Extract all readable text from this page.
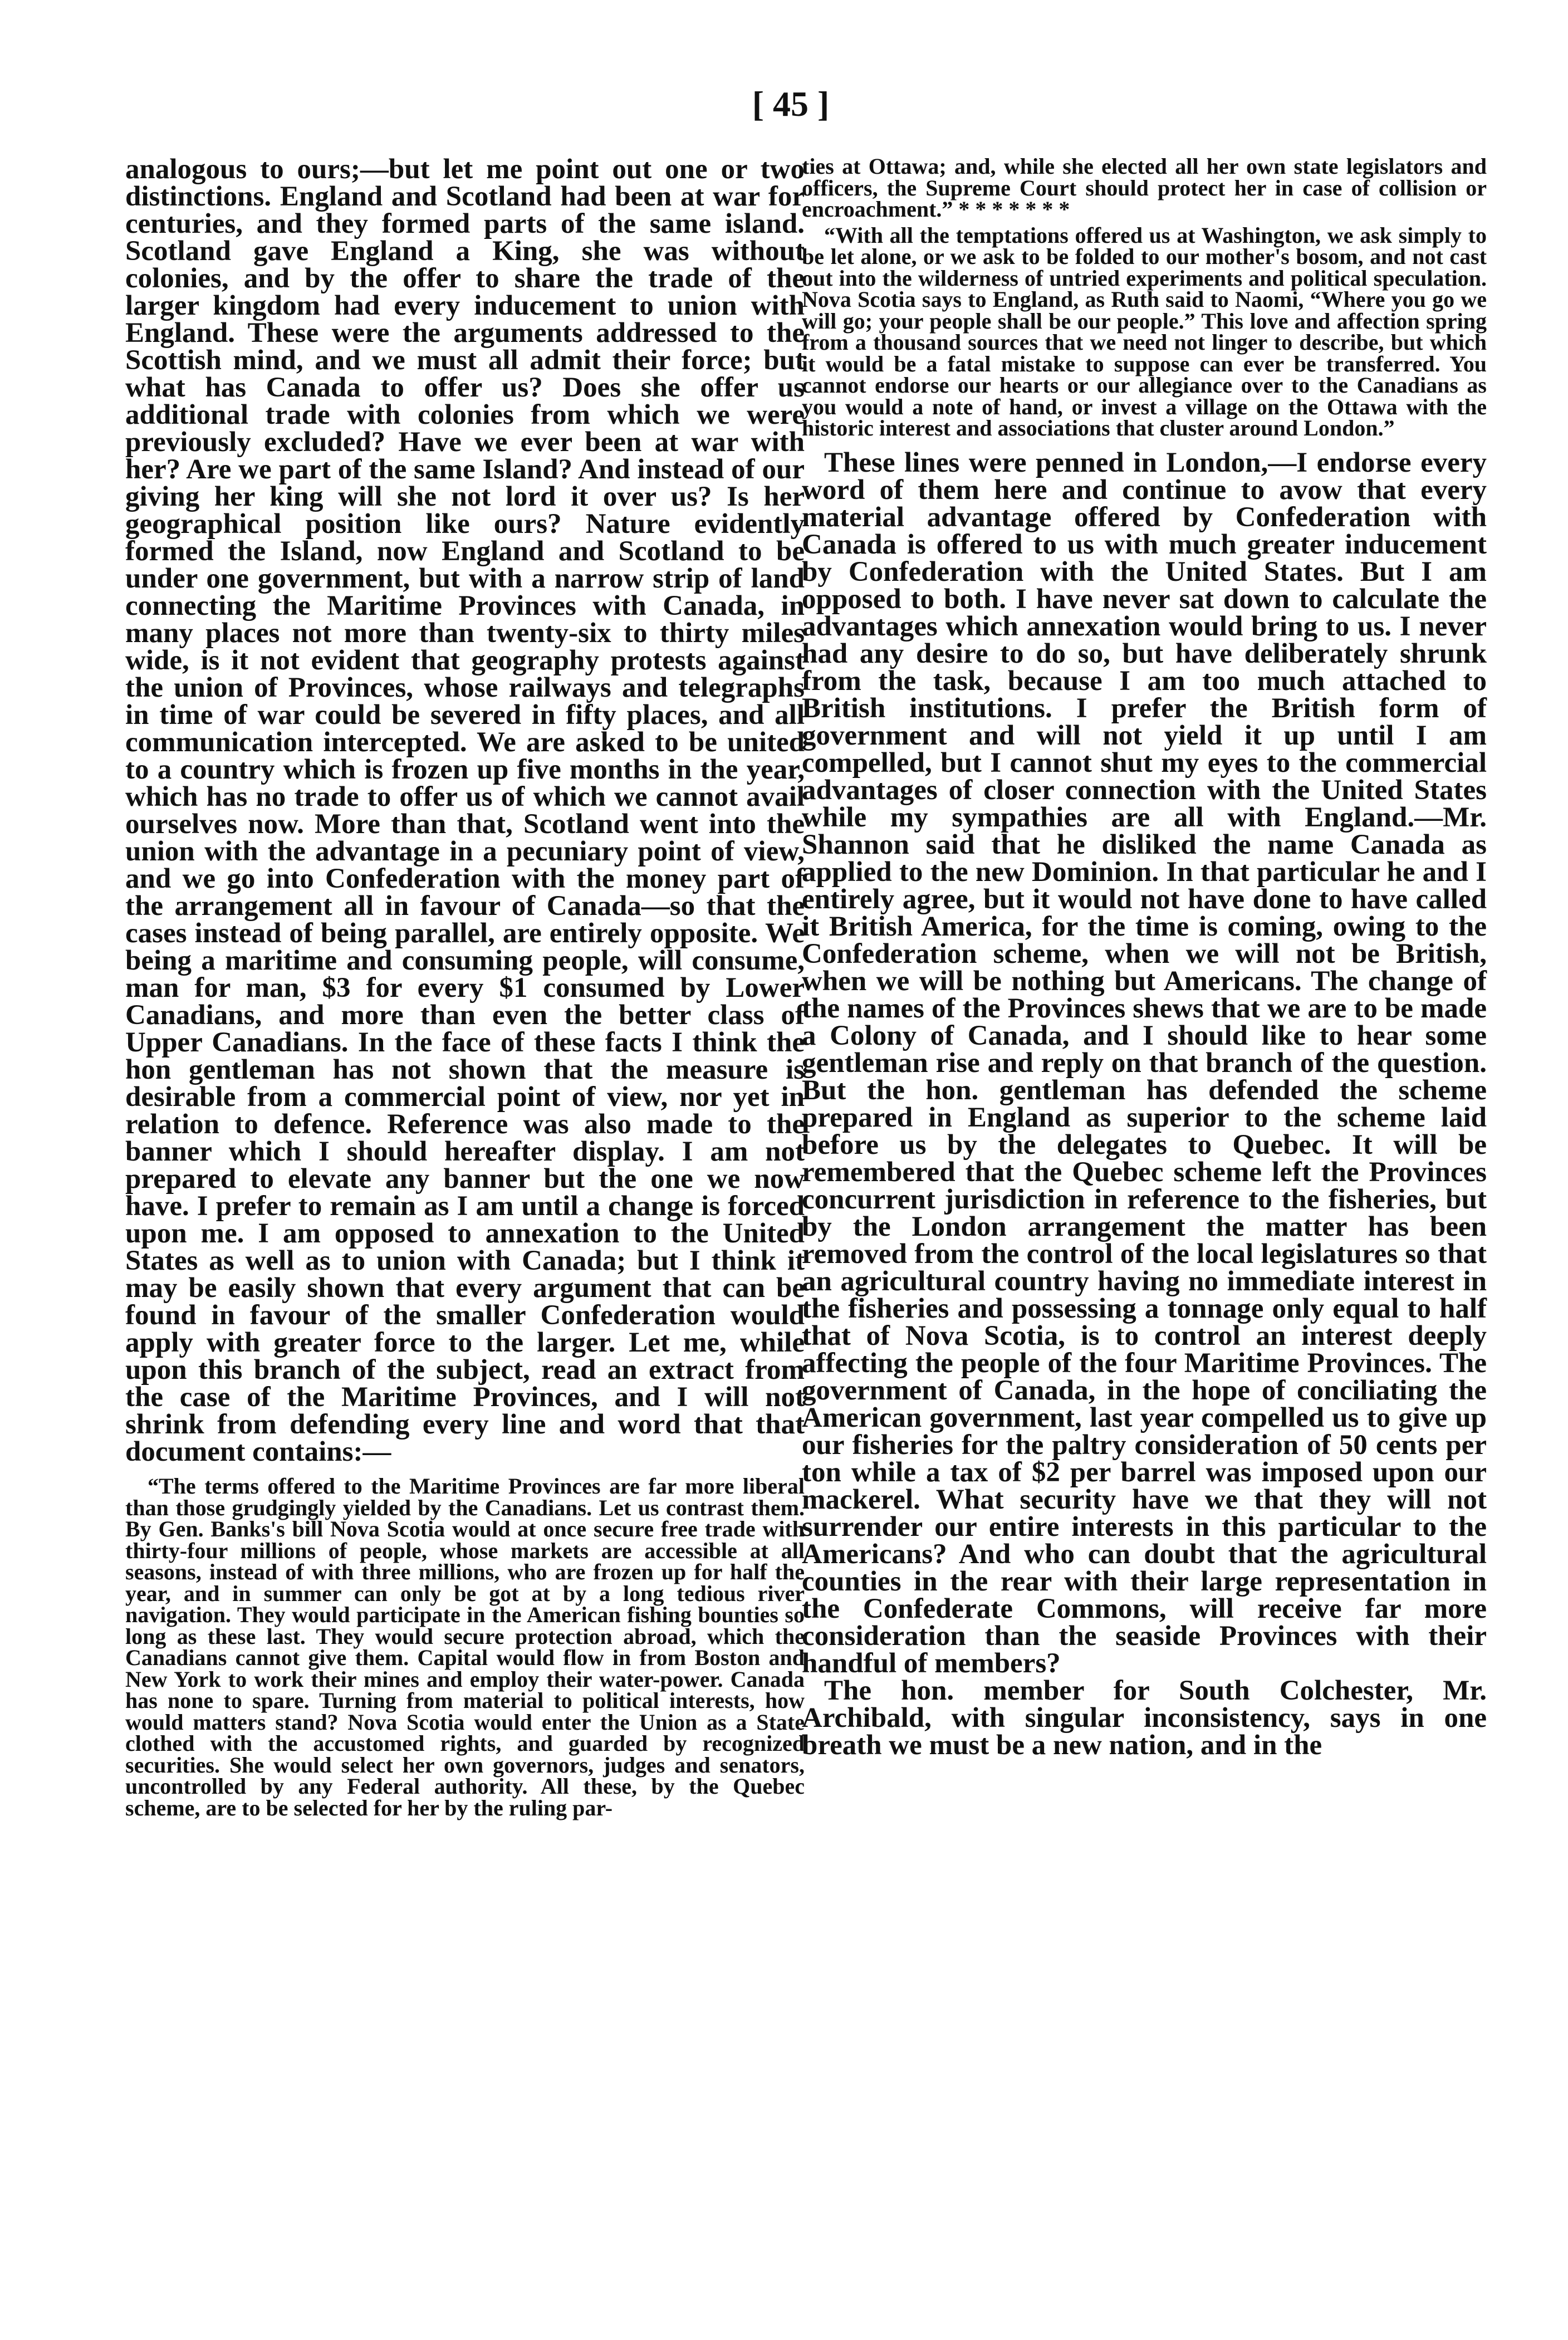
[ 45 ]

analogous to ours;—but let me point out one or two distinctions. England and Scotland had been at war for centuries, and they formed parts of the same island. Scotland gave England a King, she was without colonies, and by the offer to share the trade of the larger kingdom had every inducement to union with England. These were the arguments addressed to the Scottish mind, and we must all admit their force; but what has Canada to offer us? Does she offer us additional trade with colonies from which we were previously excluded? Have we ever been at war with her? Are we part of the same Island? And instead of our giving her king will she not lord it over us? Is her geographical position like ours? Nature evidently formed the Island, now England and Scotland to be under one government, but with a narrow strip of land connecting the Maritime Provinces with Canada, in many places not more than twenty-six to thirty miles wide, is it not evident that geography protests against the union of Provinces, whose railways and telegraphs in time of war could be severed in fifty places, and all communication intercepted. We are asked to be united to a country which is frozen up five months in the year, which has no trade to offer us of which we cannot avail ourselves now. More than that, Scotland went into the union with the advantage in a pecuniary point of view, and we go into Confederation with the money part of the arrangement all in favour of Canada—so that the cases instead of being parallel, are entirely opposite. We being a maritime and consuming people, will consume, man for man, $3 for every $1 consumed by Lower Canadians, and more than even the better class of Upper Canadians. In the face of these facts I think the hon gentleman has not shown that the measure is desirable from a commercial point of view, nor yet in relation to defence. Reference was also made to the banner which I should hereafter display. I am not prepared to elevate any banner but the one we now have. I prefer to remain as I am until a change is forced upon me. I am opposed to annexation to the United States as well as to union with Canada; but I think it may be easily shown that every argument that can be found in favour of the smaller Confederation would apply with greater force to the larger. Let me, while upon this branch of the subject, read an extract from the case of the Maritime Provinces, and I will not shrink from defending every line and word that that document contains:—

“The terms offered to the Maritime Provinces are far more liberal than those grudgingly yielded by the Canadians. Let us contrast them. By Gen. Banks's bill Nova Scotia would at once secure free trade with thirty-four millions of people, whose markets are accessible at all seasons, instead of with three millions, who are frozen up for half the year, and in summer can only be got at by a long tedious river navigation. They would participate in the American fishing bounties so long as these last. They would secure protection abroad, which the Canadians cannot give them. Capital would flow in from Boston and New York to work their mines and employ their water-power. Canada has none to spare. Turning from material to political interests, how would matters stand? Nova Scotia would enter the Union as a State clothed with the accustomed rights, and guarded by recognized securities. She would select her own governors, judges and senators, uncontrolled by any Federal authority. All these, by the Quebec scheme, are to be selected for her by the ruling par-

ties at Ottawa; and, while she elected all her own state legislators and officers, the Supreme Court should protect her in case of collision or encroachment.” * * * * * * *

“With all the temptations offered us at Washington, we ask simply to be let alone, or we ask to be folded to our mother's bosom, and not cast out into the wilderness of untried experiments and political speculation. Nova Scotia says to England, as Ruth said to Naomi, “Where you go we will go; your people shall be our people.” This love and affection spring from a thousand sources that we need not linger to describe, but which it would be a fatal mistake to suppose can ever be transferred. You cannot endorse our hearts or our allegiance over to the Canadians as you would a note of hand, or invest a village on the Ottawa with the historic interest and associations that cluster around London.”

These lines were penned in London,—I endorse every word of them here and continue to avow that every material advantage offered by Confederation with Canada is offered to us with much greater inducement by Confederation with the United States. But I am opposed to both. I have never sat down to calculate the advantages which annexation would bring to us. I never had any desire to do so, but have deliberately shrunk from the task, because I am too much attached to British institutions. I prefer the British form of government and will not yield it up until I am compelled, but I cannot shut my eyes to the commercial advantages of closer connection with the United States while my sympathies are all with England.—Mr. Shannon said that he disliked the name Canada as applied to the new Dominion. In that particular he and I entirely agree, but it would not have done to have called it British America, for the time is coming, owing to the Confederation scheme, when we will not be British, when we will be nothing but Americans. The change of the names of the Provinces shews that we are to be made a Colony of Canada, and I should like to hear some gentleman rise and reply on that branch of the question. But the hon. gentleman has defended the scheme prepared in England as superior to the scheme laid before us by the delegates to Quebec. It will be remembered that the Quebec scheme left the Provinces concurrent jurisdiction in reference to the fisheries, but by the London arrangement the matter has been removed from the control of the local legislatures so that an agricultural country having no immediate interest in the fisheries and possessing a tonnage only equal to half that of Nova Scotia, is to control an interest deeply affecting the people of the four Maritime Provinces. The government of Canada, in the hope of conciliating the American government, last year compelled us to give up our fisheries for the paltry consideration of 50 cents per ton while a tax of $2 per barrel was imposed upon our mackerel. What security have we that they will not surrender our entire interests in this particular to the Americans? And who can doubt that the agricultural counties in the rear with their large representation in the Confederate Commons, will receive far more consideration than the seaside Provinces with their handful of members?

The hon. member for South Colchester, Mr. Archibald, with singular inconsistency, says in one breath we must be a new nation, and in the
